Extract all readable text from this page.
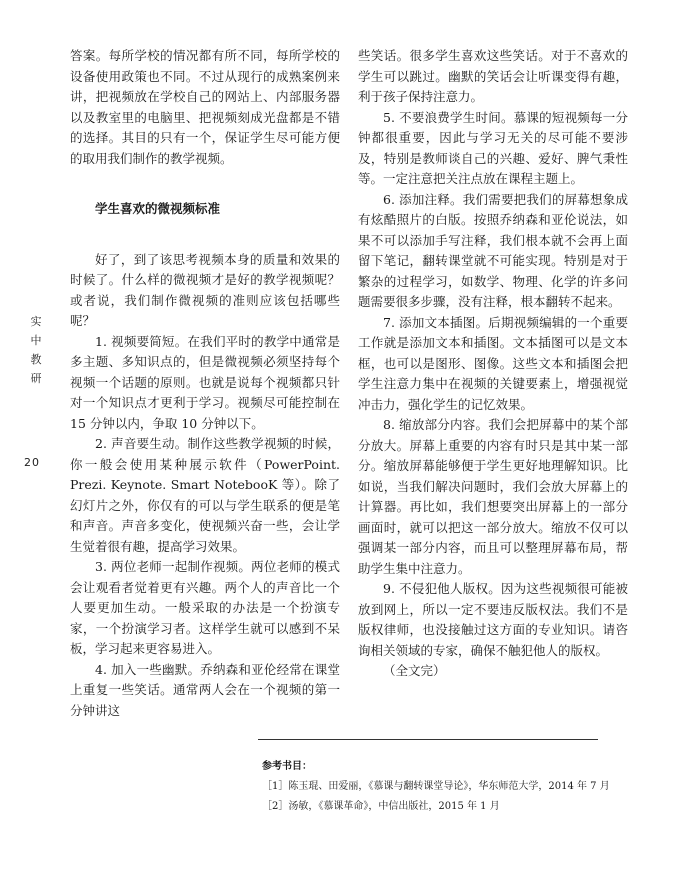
实
中
教
研
20

答案。每所学校的情况都有所不同，每所学校的设备使用政策也不同。不过从现行的成熟案例来讲，把视频放在学校自己的网站上、内部服务器以及教室里的电脑里、把视频刻成光盘都是不错的选择。其目的只有一个，保证学生尽可能方便的取用我们制作的教学视频。

学生喜欢的微视频标准

好了，到了该思考视频本身的质量和效果的时候了。什么样的微视频才是好的教学视频呢？或者说，我们制作微视频的准则应该包括哪些呢？

1. 视频要简短。在我们平时的教学中通常是多主题、多知识点的，但是微视频必须坚持每个视频一个话题的原则。也就是说每个视频都只针对一个知识点才更利于学习。视频尽可能控制在 15 分钟以内，争取 10 分钟以下。

2. 声音要生动。制作这些教学视频的时候，你一般会使用某种展示软件（PowerPoint. Prezi. Keynote. Smart NotebooK 等）。除了幻灯片之外，你仅有的可以与学生联系的便是笔和声音。声音多变化，使视频兴奋一些，会让学生觉着很有趣，提高学习效果。

3. 两位老师一起制作视频。两位老师的模式会让观看者觉着更有兴趣。两个人的声音比一个人要更加生动。一般采取的办法是一个扮演专家，一个扮演学习者。这样学生就可以感到不呆板，学习起来更容易进入。

4. 加入一些幽默。乔纳森和亚伦经常在课堂上重复一些笑话。通常两人会在一个视频的第一分钟讲这

些笑话。很多学生喜欢这些笑话。对于不喜欢的学生可以跳过。幽默的笑话会让听课变得有趣，利于孩子保持注意力。

5. 不要浪费学生时间。慕课的短视频每一分钟都很重要，因此与学习无关的尽可能不要涉及，特别是教师谈自己的兴趣、爱好、脾气秉性等。一定注意把关注点放在课程主题上。

6. 添加注释。我们需要把我们的屏幕想象成有炫酷照片的白版。按照乔纳森和亚伦说法，如果不可以添加手写注释，我们根本就不会再上面留下笔记，翻转课堂就不可能实现。特别是对于繁杂的过程学习，如数学、物理、化学的许多问题需要很多步骤，没有注释，根本翻转不起来。

7. 添加文本插图。后期视频编辑的一个重要工作就是添加文本和插图。文本插图可以是文本框，也可以是图形、图像。这些文本和插图会把学生注意力集中在视频的关键要素上，增强视觉冲击力，强化学生的记忆效果。

8. 缩放部分内容。我们会把屏幕中的某个部分放大。屏幕上重要的内容有时只是其中某一部分。缩放屏幕能够便于学生更好地理解知识。比如说，当我们解决问题时，我们会放大屏幕上的计算器。再比如，我们想要突出屏幕上的一部分画面时，就可以把这一部分放大。缩放不仅可以强调某一部分内容，而且可以整理屏幕布局，帮助学生集中注意力。

9. 不侵犯他人版权。因为这些视频很可能被放到网上，所以一定不要违反版权法。我们不是版权律师，也没接触过这方面的专业知识。请咨询相关领域的专家，确保不触犯他人的版权。

（全文完）

参考书目：
［1］陈玉琨、田爱丽，《慕课与翻转课堂导论》，华东师范大学，2014 年 7 月
［2］汤敏，《慕课革命》，中信出版社，2015 年 1 月
